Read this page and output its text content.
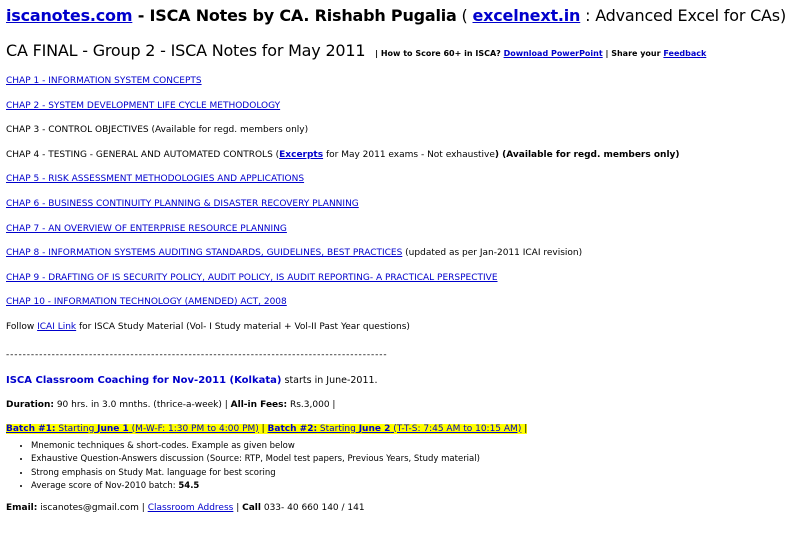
iscanotes.com - ISCA Notes by CA. Rishabh Pugalia ( excelnext.in : Advanced Excel for CAs)
CA FINAL - Group 2 - ISCA Notes for May 2011 | How to Score 60+ in ISCA? Download PowerPoint | Share your Feedback

CHAP 1 - INFORMATION SYSTEM CONCEPTS

CHAP 2 - SYSTEM DEVELOPMENT LIFE CYCLE METHODOLOGY

CHAP 3 - CONTROL OBJECTIVES (Available for regd. members only)

CHAP 4 - TESTING - GENERAL AND AUTOMATED CONTROLS (Excerpts for May 2011 exams - Not exhaustive) (Available for regd. members only)

CHAP 5 - RISK ASSESSMENT METHODOLOGIES AND APPLICATIONS

CHAP 6 - BUSINESS CONTINUITY PLANNING & DISASTER RECOVERY PLANNING

CHAP 7 - AN OVERVIEW OF ENTERPRISE RESOURCE PLANNING

CHAP 8 - INFORMATION SYSTEMS AUDITING STANDARDS, GUIDELINES, BEST PRACTICES (updated as per Jan-2011 ICAI revision)

CHAP 9 - DRAFTING OF IS SECURITY POLICY, AUDIT POLICY, IS AUDIT REPORTING- A PRACTICAL PERSPECTIVE

CHAP 10 - INFORMATION TECHNOLOGY (AMENDED) ACT, 2008

Follow ICAI Link for ISCA Study Material (Vol- I Study material + Vol-II Past Year questions)

--------------------------------------------------------------------------------------------
ISCA Classroom Coaching for Nov-2011 (Kolkata) starts in June-2011.
Duration: 90 hrs. in 3.0 mnths. (thrice-a-week) | All-in Fees: Rs.3,000 |
Batch #1: Starting June 1 (M-W-F: 1:30 PM to 4:00 PM) | Batch #2: Starting June 2 (T-T-S: 7:45 AM to 10:15 AM) |
• Mnemonic techniques & short-codes. Example as given below
• Exhaustive Question-Answers discussion (Source: RTP, Model test papers, Previous Years, Study material)
• Strong emphasis on Study Mat. language for best scoring
• Average score of Nov-2010 batch: 54.5
Email: iscanotes@gmail.com | Classroom Address | Call 033- 40 660 140 / 141
